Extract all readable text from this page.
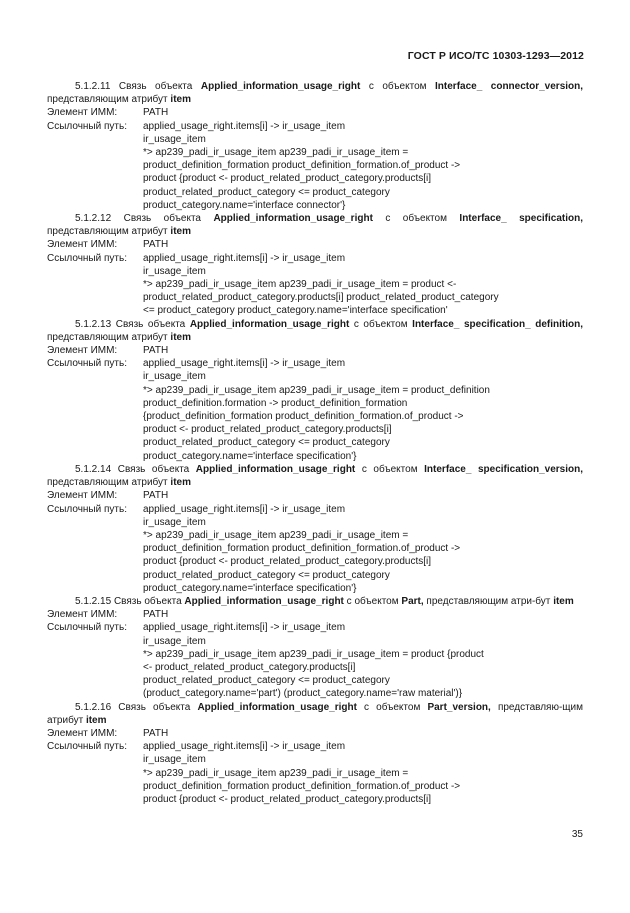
ГОСТ Р ИСО/ТС 10303-1293—2012

5.1.2.11 Связь объекта Applied_information_usage_right с объектом Interface_ connector_version, представляющим атрибут item

Элемент ИММ:	PATH
Ссылочный путь:	applied_usage_right.items[i] -> ir_usage_item
ir_usage_item
*> ap239_padi_ir_usage_item ap239_padi_ir_usage_item =
product_definition_formation product_definition_formation.of_product ->
product {product <- product_related_product_category.products[i]
product_related_product_category <= product_category
product_category.name='interface connector'}

5.1.2.12 Связь объекта Applied_information_usage_right с объектом Interface_ specification, представляющим атрибут item

Элемент ИММ:	PATH
Ссылочный путь:	applied_usage_right.items[i] -> ir_usage_item
ir_usage_item
*> ap239_padi_ir_usage_item ap239_padi_ir_usage_item = product <-
product_related_product_category.products[i] product_related_product_category
<= product_category product_category.name='interface specification'

5.1.2.13 Связь объекта Applied_information_usage_right с объектом Interface_ specification_ definition, представляющим атрибут item

Элемент ИММ:	PATH
Ссылочный путь:	applied_usage_right.items[i] -> ir_usage_item
ir_usage_item
*> ap239_padi_ir_usage_item ap239_padi_ir_usage_item = product_definition
product_definition.formation -> product_definition_formation
{product_definition_formation product_definition_formation.of_product ->
product <- product_related_product_category.products[i]
product_related_product_category <= product_category
product_category.name='interface specification'}

5.1.2.14 Связь объекта Applied_information_usage_right с объектом Interface_ specification_version, представляющим атрибут item

Элемент ИММ:	PATH
Ссылочный путь:	applied_usage_right.items[i] -> ir_usage_item
ir_usage_item
*> ap239_padi_ir_usage_item ap239_padi_ir_usage_item =
product_definition_formation product_definition_formation.of_product ->
product {product <- product_related_product_category.products[i]
product_related_product_category <= product_category
product_category.name='interface specification'}

5.1.2.15 Связь объекта Applied_information_usage_right с объектом Part, представляющим атри-бут item

Элемент ИММ:	PATH
Ссылочный путь:	applied_usage_right.items[i] -> ir_usage_item
ir_usage_item
*> ap239_padi_ir_usage_item ap239_padi_ir_usage_item = product {product
<- product_related_product_category.products[i]
product_related_product_category <= product_category
(product_category.name='part') (product_category.name='raw material')}

5.1.2.16 Связь объекта Applied_information_usage_right с объектом Part_version, представляю-щим атрибут item

Элемент ИММ:	PATH
Ссылочный путь:	applied_usage_right.items[i] -> ir_usage_item
ir_usage_item
*> ap239_padi_ir_usage_item ap239_padi_ir_usage_item =
product_definition_formation product_definition_formation.of_product ->
product {product <- product_related_product_category.products[i]
35
